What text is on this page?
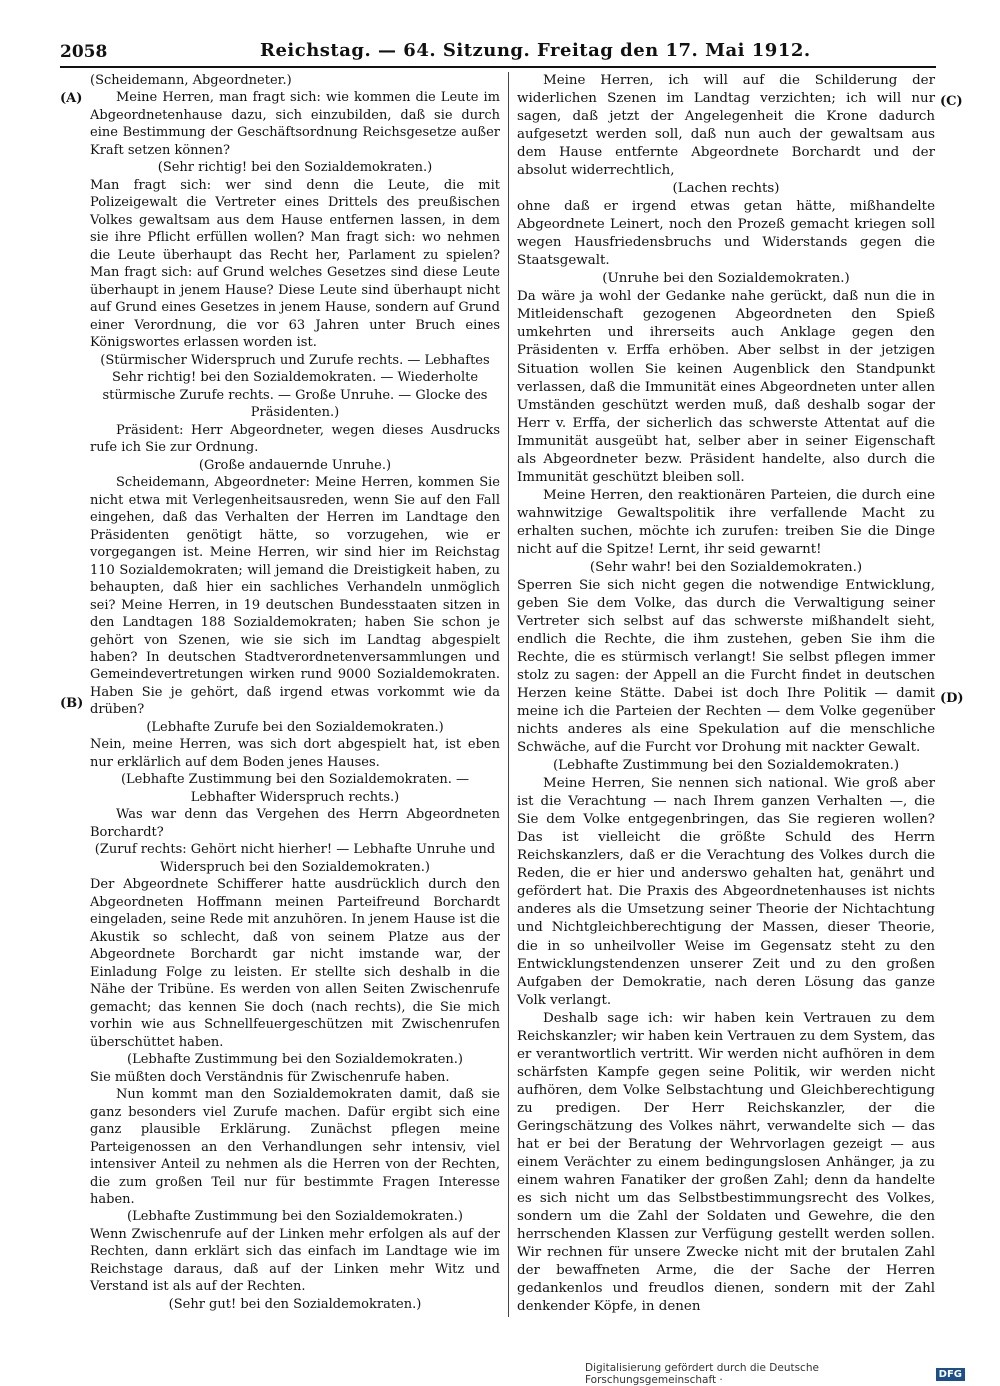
2058	Reichstag. — 64. Sitzung. Freitag den 17. Mai 1912.
(A)
(B)
(C)
(D)

(Scheidemann, Abgeordneter.)

Meine Herren, man fragt sich: wie kommen die Leute im Abgeordnetenhause dazu, sich einzubilden, daß sie durch eine Bestimmung der Geschäftsordnung Reichsgesetze außer Kraft setzen können?

(Sehr richtig! bei den Sozialdemokraten.)

Man fragt sich: wer sind denn die Leute, die mit Polizeigewalt die Vertreter eines Drittels des preußischen Volkes gewaltsam aus dem Hause entfernen lassen, in dem sie ihre Pflicht erfüllen wollen? Man fragt sich: wo nehmen die Leute überhaupt das Recht her, Parlament zu spielen? Man fragt sich: auf Grund welches Gesetzes sind diese Leute überhaupt in jenem Hause? Diese Leute sind überhaupt nicht auf Grund eines Gesetzes in jenem Hause, sondern auf Grund einer Verordnung, die vor 63 Jahren unter Bruch eines Königswortes erlassen worden ist.

(Stürmischer Widerspruch und Zurufe rechts. — Lebhaftes Sehr richtig! bei den Sozialdemokraten. — Wiederholte stürmische Zurufe rechts. — Große Unruhe. — Glocke des Präsidenten.)

Präsident: Herr Abgeordneter, wegen dieses Ausdrucks rufe ich Sie zur Ordnung.

(Große andauernde Unruhe.)

Scheidemann, Abgeordneter: Meine Herren, kommen Sie nicht etwa mit Verlegenheitsausreden, wenn Sie auf den Fall eingehen, daß das Verhalten der Herren im Landtage den Präsidenten genötigt hätte, so vorzugehen, wie er vorgegangen ist. Meine Herren, wir sind hier im Reichstag 110 Sozialdemokraten; will jemand die Dreistigkeit haben, zu behaupten, daß hier ein sachliches Verhandeln unmöglich sei? Meine Herren, in 19 deutschen Bundesstaaten sitzen in den Landtagen 188 Sozialdemokraten; haben Sie schon je gehört von Szenen, wie sie sich im Landtag abgespielt haben? In deutschen Stadtverordnetenversammlungen und Gemeindevertretungen wirken rund 9000 Sozialdemokraten. Haben Sie je gehört, daß irgend etwas vorkommt wie da drüben?

(Lebhafte Zurufe bei den Sozialdemokraten.)

Nein, meine Herren, was sich dort abgespielt hat, ist eben nur erklärlich auf dem Boden jenes Hauses.

(Lebhafte Zustimmung bei den Sozialdemokraten. — Lebhafter Widerspruch rechts.)

Was war denn das Vergehen des Herrn Abgeordneten Borchardt?

(Zuruf rechts: Gehört nicht hierher! — Lebhafte Unruhe und Widerspruch bei den Sozialdemokraten.)

Der Abgeordnete Schifferer hatte ausdrücklich durch den Abgeordneten Hoffmann meinen Parteifreund Borchardt eingeladen, seine Rede mit anzuhören. In jenem Hause ist die Akustik so schlecht, daß von seinem Platze aus der Abgeordnete Borchardt gar nicht imstande war, der Einladung Folge zu leisten. Er stellte sich deshalb in die Nähe der Tribüne. Es werden von allen Seiten Zwischenrufe gemacht; das kennen Sie doch (nach rechts), die Sie mich vorhin wie aus Schnellfeuergeschützen mit Zwischenrufen überschüttet haben.

(Lebhafte Zustimmung bei den Sozialdemokraten.)

Sie müßten doch Verständnis für Zwischenrufe haben.

Nun kommt man den Sozialdemokraten damit, daß sie ganz besonders viel Zurufe machen. Dafür ergibt sich eine ganz plausible Erklärung. Zunächst pflegen meine Parteigenossen an den Verhandlungen sehr intensiv, viel intensiver Anteil zu nehmen als die Herren von der Rechten, die zum großen Teil nur für bestimmte Fragen Interesse haben.

(Lebhafte Zustimmung bei den Sozialdemokraten.)

Wenn Zwischenrufe auf der Linken mehr erfolgen als auf der Rechten, dann erklärt sich das einfach im Landtage wie im Reichstage daraus, daß auf der Linken mehr Witz und Verstand ist als auf der Rechten.

(Sehr gut! bei den Sozialdemokraten.)

Meine Herren, ich will auf die Schilderung der widerlichen Szenen im Landtag verzichten; ich will nur sagen, daß jetzt der Angelegenheit die Krone dadurch aufgesetzt werden soll, daß nun auch der gewaltsam aus dem Hause entfernte Abgeordnete Borchardt und der absolut widerrechtlich,

(Lachen rechts)

ohne daß er irgend etwas getan hätte, mißhandelte Abgeordnete Leinert, noch den Prozeß gemacht kriegen soll wegen Hausfriedensbruchs und Widerstands gegen die Staatsgewalt.

(Unruhe bei den Sozialdemokraten.)

Da wäre ja wohl der Gedanke nahe gerückt, daß nun die in Mitleidenschaft gezogenen Abgeordneten den Spieß umkehrten und ihrerseits auch Anklage gegen den Präsidenten v. Erffa erhöben. Aber selbst in der jetzigen Situation wollen Sie keinen Augenblick den Standpunkt verlassen, daß die Immunität eines Abgeordneten unter allen Umständen geschützt werden muß, daß deshalb sogar der Herr v. Erffa, der sicherlich das schwerste Attentat auf die Immunität ausgeübt hat, selber aber in seiner Eigenschaft als Abgeordneter bezw. Präsident handelte, also durch die Immunität geschützt bleiben soll.

Meine Herren, den reaktionären Parteien, die durch eine wahnwitzige Gewaltspolitik ihre verfallende Macht zu erhalten suchen, möchte ich zurufen: treiben Sie die Dinge nicht auf die Spitze! Lernt, ihr seid gewarnt!

(Sehr wahr! bei den Sozialdemokraten.)

Sperren Sie sich nicht gegen die notwendige Entwicklung, geben Sie dem Volke, das durch die Verwaltigung seiner Vertreter sich selbst auf das schwerste mißhandelt sieht, endlich die Rechte, die ihm zustehen, geben Sie ihm die Rechte, die es stürmisch verlangt! Sie selbst pflegen immer stolz zu sagen: der Appell an die Furcht findet in deutschen Herzen keine Stätte. Dabei ist doch Ihre Politik — damit meine ich die Parteien der Rechten — dem Volke gegenüber nichts anderes als eine Spekulation auf die menschliche Schwäche, auf die Furcht vor Drohung mit nackter Gewalt.

(Lebhafte Zustimmung bei den Sozialdemokraten.)

Meine Herren, Sie nennen sich national. Wie groß aber ist die Verachtung — nach Ihrem ganzen Verhalten —, die Sie dem Volke entgegenbringen, das Sie regieren wollen? Das ist vielleicht die größte Schuld des Herrn Reichskanzlers, daß er die Verachtung des Volkes durch die Reden, die er hier und anderswo gehalten hat, genährt und gefördert hat. Die Praxis des Abgeordnetenhauses ist nichts anderes als die Umsetzung seiner Theorie der Nichtachtung und Nichtgleichberechtigung der Massen, dieser Theorie, die in so unheilvoller Weise im Gegensatz steht zu den Entwicklungstendenzen unserer Zeit und zu den großen Aufgaben der Demokratie, nach deren Lösung das ganze Volk verlangt.

Deshalb sage ich: wir haben kein Vertrauen zu dem Reichskanzler; wir haben kein Vertrauen zu dem System, das er verantwortlich vertritt. Wir werden nicht aufhören in dem schärfsten Kampfe gegen seine Politik, wir werden nicht aufhören, dem Volke Selbstachtung und Gleichberechtigung zu predigen. Der Herr Reichskanzler, der die Geringschätzung des Volkes nährt, verwandelte sich — das hat er bei der Beratung der Wehrvorlagen gezeigt — aus einem Verächter zu einem bedingungslosen Anhänger, ja zu einem wahren Fanatiker der großen Zahl; denn da handelte es sich nicht um das Selbstbestimmungsrecht des Volkes, sondern um die Zahl der Soldaten und Gewehre, die den herrschenden Klassen zur Verfügung gestellt werden sollen. Wir rechnen für unsere Zwecke nicht mit der brutalen Zahl der bewaffneten Arme, die der Sache der Herren gedankenlos und freudlos dienen, sondern mit der Zahl denkender Köpfe, in denen

Digitalisierung gefördert durch die Deutsche Forschungsgemeinschaft ·	DFG
